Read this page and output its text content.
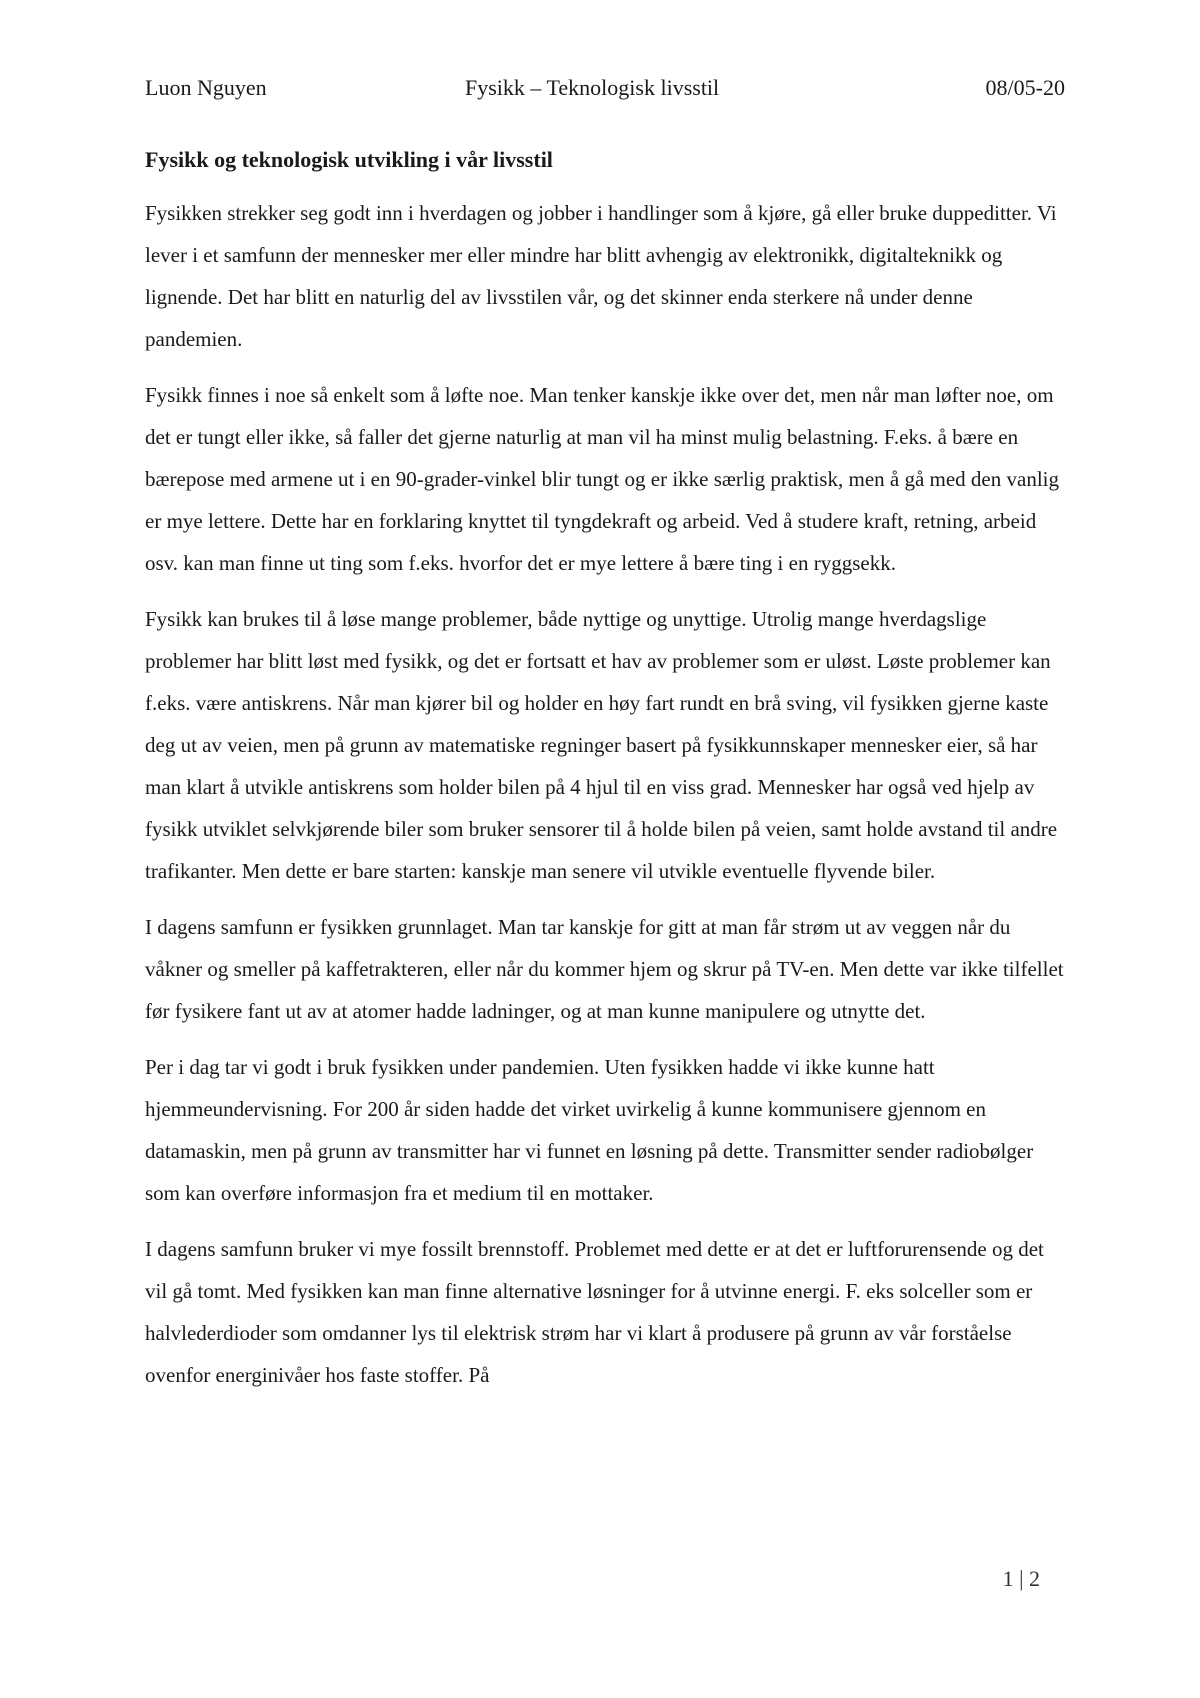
Luon Nguyen	Fysikk – Teknologisk livsstil	08/05-20
Fysikk og teknologisk utvikling i vår livsstil

Fysikken strekker seg godt inn i hverdagen og jobber i handlinger som å kjøre, gå eller bruke duppeditter. Vi lever i et samfunn der mennesker mer eller mindre har blitt avhengig av elektronikk, digitalteknikk og lignende. Det har blitt en naturlig del av livsstilen vår, og det skinner enda sterkere nå under denne pandemien.

Fysikk finnes i noe så enkelt som å løfte noe. Man tenker kanskje ikke over det, men når man løfter noe, om det er tungt eller ikke, så faller det gjerne naturlig at man vil ha minst mulig belastning. F.eks. å bære en bærepose med armene ut i en 90-grader-vinkel blir tungt og er ikke særlig praktisk, men å gå med den vanlig er mye lettere. Dette har en forklaring knyttet til tyngdekraft og arbeid. Ved å studere kraft, retning, arbeid osv. kan man finne ut ting som f.eks. hvorfor det er mye lettere å bære ting i en ryggsekk.

Fysikk kan brukes til å løse mange problemer, både nyttige og unyttige. Utrolig mange hverdagslige problemer har blitt løst med fysikk, og det er fortsatt et hav av problemer som er uløst. Løste problemer kan f.eks. være antiskrens. Når man kjører bil og holder en høy fart rundt en brå sving, vil fysikken gjerne kaste deg ut av veien, men på grunn av matematiske regninger basert på fysikkunnskaper mennesker eier, så har man klart å utvikle antiskrens som holder bilen på 4 hjul til en viss grad. Mennesker har også ved hjelp av fysikk utviklet selvkjørende biler som bruker sensorer til å holde bilen på veien, samt holde avstand til andre trafikanter. Men dette er bare starten: kanskje man senere vil utvikle eventuelle flyvende biler.

I dagens samfunn er fysikken grunnlaget. Man tar kanskje for gitt at man får strøm ut av veggen når du våkner og smeller på kaffetrakteren, eller når du kommer hjem og skrur på TV-en. Men dette var ikke tilfellet før fysikere fant ut av at atomer hadde ladninger, og at man kunne manipulere og utnytte det.

Per i dag tar vi godt i bruk fysikken under pandemien. Uten fysikken hadde vi ikke kunne hatt hjemmeundervisning. For 200 år siden hadde det virket uvirkelig å kunne kommunisere gjennom en datamaskin, men på grunn av transmitter har vi funnet en løsning på dette. Transmitter sender radiobølger som kan overføre informasjon fra et medium til en mottaker.

I dagens samfunn bruker vi mye fossilt brennstoff. Problemet med dette er at det er luftforurensende og det vil gå tomt. Med fysikken kan man finne alternative løsninger for å utvinne energi. F. eks solceller som er halvlederdioder som omdanner lys til elektrisk strøm har vi klart å produsere på grunn av vår forståelse ovenfor energinivåer hos faste stoffer. På

1 | 2
